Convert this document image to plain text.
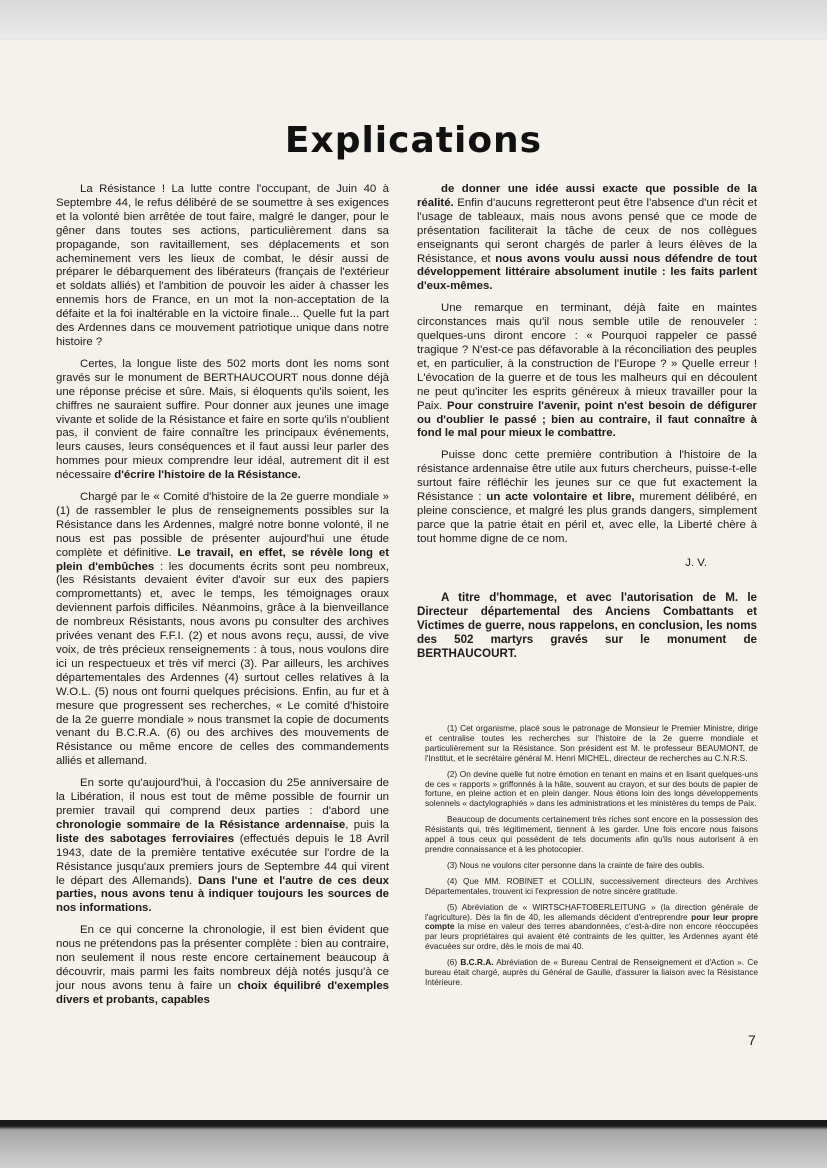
Explications

La Résistance ! La lutte contre l'occupant, de Juin 40 à Septembre 44, le refus délibéré de se soumettre à ses exigences et la volonté bien arrêtée de tout faire, malgré le danger, pour le gêner dans toutes ses actions, particulièrement dans sa propagande, son ravitaillement, ses déplacements et son acheminement vers les lieux de combat, le désir aussi de préparer le débarquement des libérateurs (français de l'extérieur et soldats alliés) et l'ambition de pouvoir les aider à chasser les ennemis hors de France, en un mot la non-acceptation de la défaite et la foi inaltérable en la victoire finale... Quelle fut la part des Ardennes dans ce mouvement patriotique unique dans notre histoire ?

Certes, la longue liste des 502 morts dont les noms sont gravés sur le monument de BERTHAUCOURT nous donne déjà une réponse précise et sûre. Mais, si éloquents qu'ils soient, les chiffres ne sauraient suffire. Pour donner aux jeunes une image vivante et solide de la Résistance et faire en sorte qu'ils n'oublient pas, il convient de faire connaître les principaux événements, leurs causes, leurs conséquences et il faut aussi leur parler des hommes pour mieux comprendre leur idéal, autrement dit il est nécessaire d'écrire l'histoire de la Résistance.

Chargé par le « Comité d'histoire de la 2e guerre mondiale » (1) de rassembler le plus de renseignements possibles sur la Résistance dans les Ardennes, malgré notre bonne volonté, il ne nous est pas possible de présenter aujourd'hui une étude complète et définitive. Le travail, en effet, se révèle long et plein d'embûches : les documents écrits sont peu nombreux, (les Résistants devaient éviter d'avoir sur eux des papiers compromettants) et, avec le temps, les témoignages oraux deviennent parfois difficiles. Néanmoins, grâce à la bienveillance de nombreux Résistants, nous avons pu consulter des archives privées venant des F.F.I. (2) et nous avons reçu, aussi, de vive voix, de très précieux renseignements : à tous, nous voulons dire ici un respectueux et très vif merci (3). Par ailleurs, les archives départementales des Ardennes (4) surtout celles relatives à la W.O.L. (5) nous ont fourni quelques précisions. Enfin, au fur et à mesure que progressent ses recherches, « Le comité d'histoire de la 2e guerre mondiale » nous transmet la copie de documents venant du B.C.R.A. (6) ou des archives des mouvements de Résistance ou même encore de celles des commandements alliés et allemand.

En sorte qu'aujourd'hui, à l'occasion du 25e anniversaire de la Libération, il nous est tout de même possible de fournir un premier travail qui comprend deux parties : d'abord une chronologie sommaire de la Résistance ardennaise, puis la liste des sabotages ferroviaires (effectués depuis le 18 Avril 1943, date de la première tentative exécutée sur l'ordre de la Résistance jusqu'aux premiers jours de Septembre 44 qui virent le départ des Allemands). Dans l'une et l'autre de ces deux parties, nous avons tenu à indiquer toujours les sources de nos informations.

En ce qui concerne la chronologie, il est bien évident que nous ne prétendons pas la présenter complète : bien au contraire, non seulement il nous reste encore certainement beaucoup à découvrir, mais parmi les faits nombreux déjà notés jusqu'à ce jour nous avons tenu à faire un choix équilibré d'exemples divers et probants, capables

de donner une idée aussi exacte que possible de la réalité. Enfin d'aucuns regretteront peut être l'absence d'un récit et l'usage de tableaux, mais nous avons pensé que ce mode de présentation faciliterait la tâche de ceux de nos collègues enseignants qui seront chargés de parler à leurs élèves de la Résistance, et nous avons voulu aussi nous défendre de tout développement littéraire absolument inutile : les faits parlent d'eux-mêmes.

Une remarque en terminant, déjà faite en maintes circonstances mais qu'il nous semble utile de renouveler : quelques-uns diront encore : « Pourquoi rappeler ce passé tragique ? N'est-ce pas défavorable à la réconciliation des peuples et, en particulier, à la construction de l'Europe ? » Quelle erreur ! L'évocation de la guerre et de tous les malheurs qui en découlent ne peut qu'inciter les esprits généreux à mieux travailler pour la Paix. Pour construire l'avenir, point n'est besoin de défigurer ou d'oublier le passé ; bien au contraire, il faut connaître à fond le mal pour mieux le combattre.

Puisse donc cette première contribution à l'histoire de la résistance ardennaise être utile aux futurs chercheurs, puisse-t-elle surtout faire réfléchir les jeunes sur ce que fut exactement la Résistance : un acte volontaire et libre, murement délibéré, en pleine conscience, et malgré les plus grands dangers, simplement parce que la patrie était en péril et, avec elle, la Liberté chère à tout homme digne de ce nom.

J. V.

A titre d'hommage, et avec l'autorisation de M. le Directeur départemental des Anciens Combattants et Victimes de guerre, nous rappelons, en conclusion, les noms des 502 martyrs gravés sur le monument de BERTHAUCOURT.

(1) Cet organisme, placé sous le patronage de Monsieur le Premier Ministre, dirige et centralise toutes les recherches sur l'histoire de la 2e guerre mondiale et particulièrement sur la Résistance. Son président est M. le professeur BEAUMONT, de l'Institut, et le secrétaire général M. Henri MICHEL, directeur de recherches au C.N.R.S.

(2) On devine quelle fut notre émotion en tenant en mains et en lisant quelques-uns de ces « rapports » griffonnés à la hâte, souvent au crayon, et sur des bouts de papier de fortune, en pleine action et en plein danger. Nous étions loin des longs développements solennels « dactylographiés » dans les administrations et les ministères du temps de Paix.

Beaucoup de documents certainement très riches sont encore en la possession des Résistants qui, très légitimement, tiennent à les garder. Une fois encore nous faisons appel à tous ceux qui possèdent de tels documents afin qu'ils nous autorisent à en prendre connaissance et à les photocopier.

(3) Nous ne voulons citer personne dans la crainte de faire des oublis.

(4) Que MM. ROBINET et COLLIN, successivement directeurs des Archives Départementales, trouvent ici l'expression de notre sincère gratitude.

(5) Abréviation de « WIRTSCHAFTOBERLEITUNG » (la direction générale de l'agriculture). Dès la fin de 40, les allemands décident d'entreprendre pour leur propre compte la mise en valeur des terres abandonnées, c'est-à-dire non encore réoccupées par leurs propriétaires qui avaient été contraints de les quitter, les Ardennes ayant été évacuées sur ordre, dès le mois de mai 40.

(6) B.C.R.A. Abréviation de « Bureau Central de Renseignement et d'Action ». Ce bureau était chargé, auprès du Général de Gaulle, d'assurer la liaison avec la Résistance Intérieure.

7
